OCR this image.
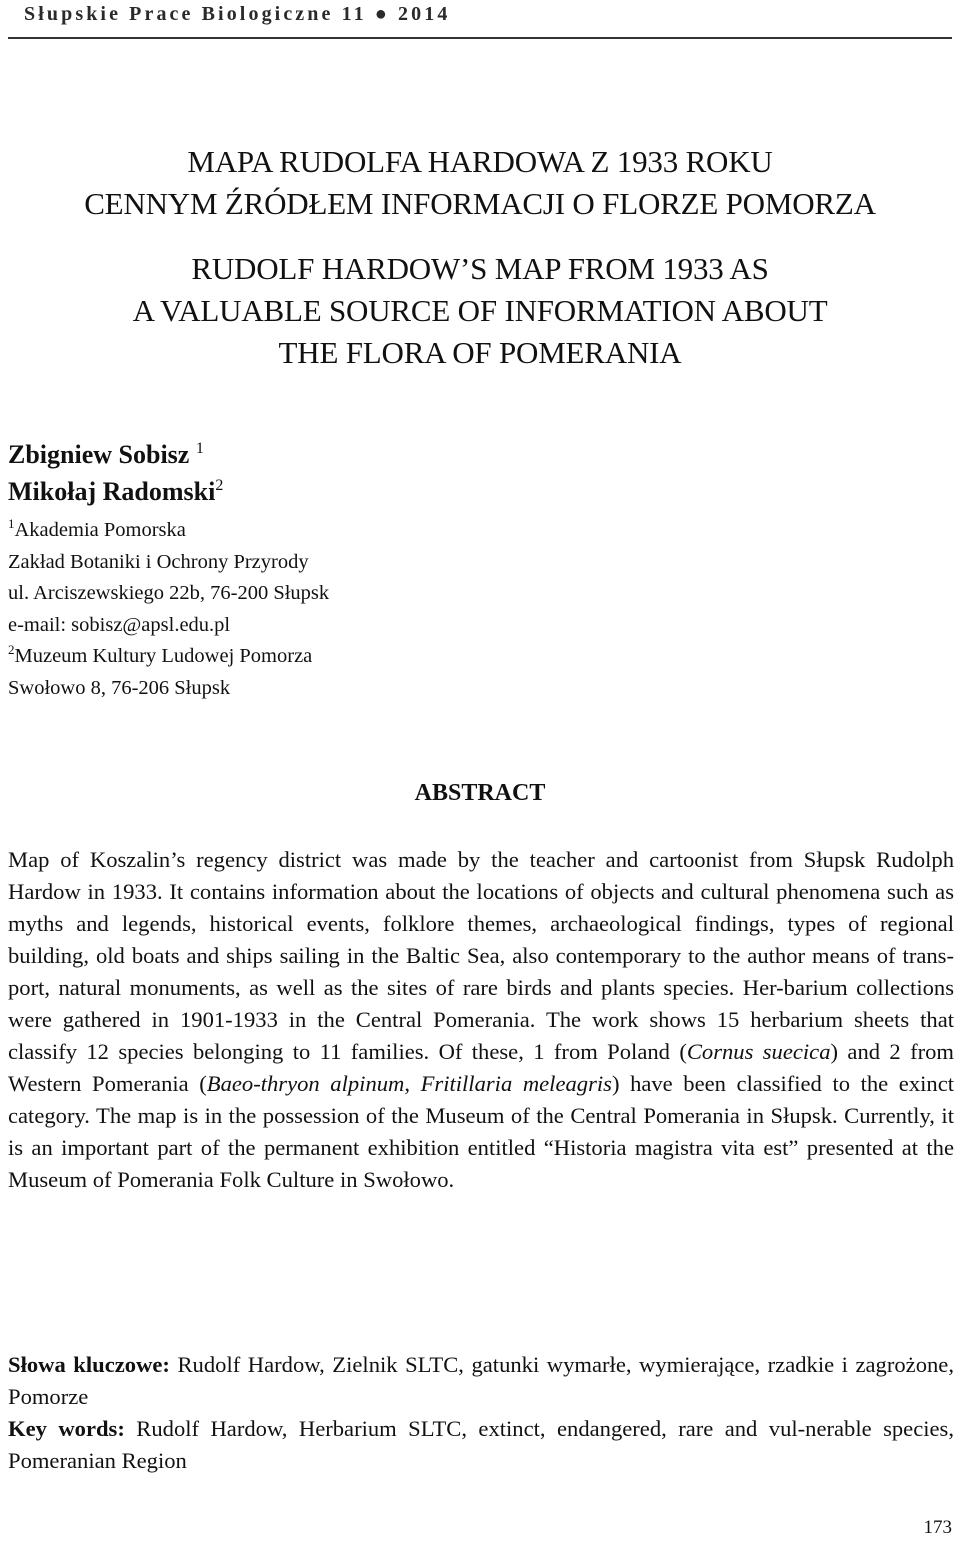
Słupskie Prace Biologiczne 11 ● 2014
MAPA RUDOLFA HARDOWA Z 1933 ROKU
CENNYM ŹRÓDŁEM INFORMACJI O FLORZE POMORZA
RUDOLF HARDOW’S MAP FROM 1933 AS
A VALUABLE SOURCE OF INFORMATION ABOUT
THE FLORA OF POMERANIA
Zbigniew Sobisz $^1$
Mikołaj Radomski$^2$
$^1$Akademia Pomorska
Zakład Botaniki i Ochrony Przyrody
ul. Arciszewskiego 22b, 76-200 Słupsk
e-mail: sobisz@apsl.edu.pl
$^2$Muzeum Kultury Ludowej Pomorza
Swołowo 8, 76-206 Słupsk
ABSTRACT
Map of Koszalin’s regency district was made by the teacher and cartoonist from Słupsk Rudolph Hardow in 1933. It contains information about the locations of objects and cultural phenomena such as myths and legends, historical events, folklore themes, archaeological findings, types of regional building, old boats and ships sailing in the Baltic Sea, also contemporary to the author means of trans-port, natural monuments, as well as the sites of rare birds and plants species. Her-barium collections were gathered in 1901-1933 in the Central Pomerania. The work shows 15 herbarium sheets that classify 12 species belonging to 11 families. Of these, 1 from Poland (Cornus suecica) and 2 from Western Pomerania (Baeo-thryon alpinum, Fritillaria meleagris) have been classified to the exinct category. The map is in the possession of the Museum of the Central Pomerania in Słupsk. Currently, it is an important part of the permanent exhibition entitled “Historia magistra vita est” presented at the Museum of Pomerania Folk Culture in Swołowo.
Słowa kluczowe: Rudolf Hardow, Zielnik SLTC, gatunki wymarłe, wymierające, rzadkie i zagrożone, Pomorze
Key words: Rudolf Hardow, Herbarium SLTC, extinct, endangered, rare and vul-nerable species, Pomeranian Region
173
